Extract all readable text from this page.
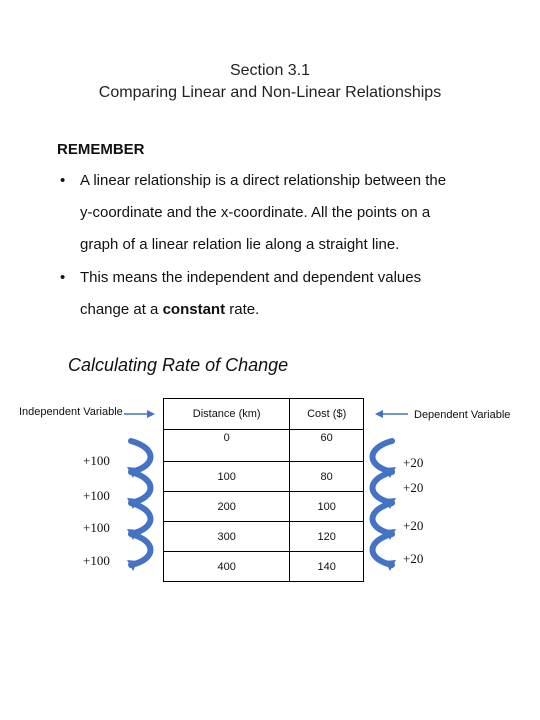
Section 3.1
Comparing Linear and Non-Linear Relationships
REMEMBER
• A linear relationship is a direct relationship between the
y-coordinate and the x-coordinate. All the points on a
graph of a linear relation lie along a straight line.
• This means the independent and dependent values
change at a constant rate.
Calculating Rate of Change
Independent Variable	Dependent Variable
Distance (km)	Cost ($)
0	60
100	80
200	100
300	120
400	140
+100
+100
+100
+100
+20
+20
+20
+20
